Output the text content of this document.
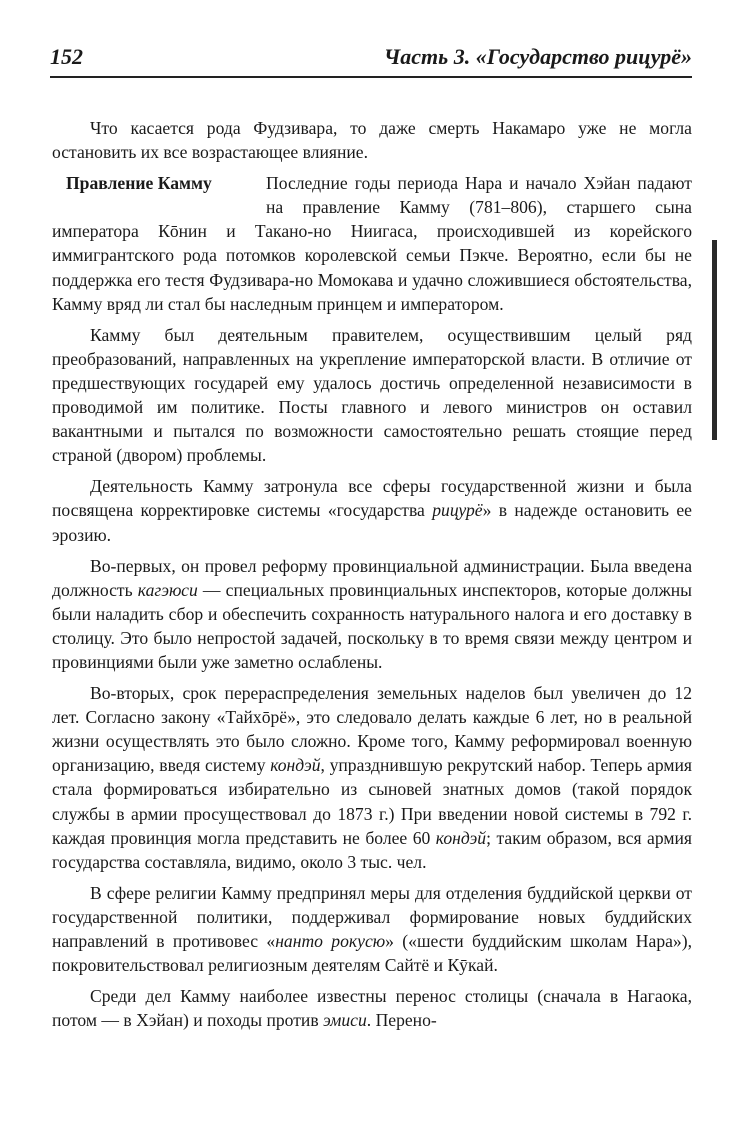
152	Часть 3. «Государство рицурё»

Что касается рода Фудзивара, то даже смерть Накамаро уже не могла остановить их все возрастающее влияние.

Правление Камму	Последние годы периода Нара и начало Хэйан падают на правление Камму (781–806), старшего сына императора Кōнин и Такано-но Ниигаса, происходившей из корейского иммигрантского рода потомков королевской семьи Пэкче. Вероятно, если бы не поддержка его тестя Фудзивара-но Момокава и удачно сложившиеся обстоятельства, Камму вряд ли стал бы наследным принцем и императором.

Камму был деятельным правителем, осуществившим целый ряд преобразований, направленных на укрепление императорской власти. В отличие от предшествующих государей ему удалось достичь определенной независимости в проводимой им политике. Посты главного и левого министров он оставил вакантными и пытался по возможности самостоятельно решать стоящие перед страной (двором) проблемы.

Деятельность Камму затронула все сферы государственной жизни и была посвящена корректировке системы «государства рицурё» в надежде остановить ее эрозию.

Во-первых, он провел реформу провинциальной администрации. Была введена должность кагэюси — специальных провинциальных инспекторов, которые должны были наладить сбор и обеспечить сохранность натурального налога и его доставку в столицу. Это было непростой задачей, поскольку в то время связи между центром и провинциями были уже заметно ослаблены.

Во-вторых, срок перераспределения земельных наделов был увеличен до 12 лет. Согласно закону «Тайхōрё», это следовало делать каждые 6 лет, но в реальной жизни осуществлять это было сложно. Кроме того, Камму реформировал военную организацию, введя систему кондэй, упразднившую рекрутский набор. Теперь армия стала формироваться избирательно из сыновей знатных домов (такой порядок службы в армии просуществовал до 1873 г.) При введении новой системы в 792 г. каждая провинция могла представить не более 60 кондэй; таким образом, вся армия государства составляла, видимо, около 3 тыс. чел.

В сфере религии Камму предпринял меры для отделения буддийской церкви от государственной политики, поддерживал формирование новых буддийских направлений в противовес «нанто рокусю» («шести буддийским школам Нара»), покровительствовал религиозным деятелям Сайтё и Кӯкай.

Среди дел Камму наиболее известны перенос столицы (сначала в Нагаока, потом — в Хэйан) и походы против эмиси. Перено-
